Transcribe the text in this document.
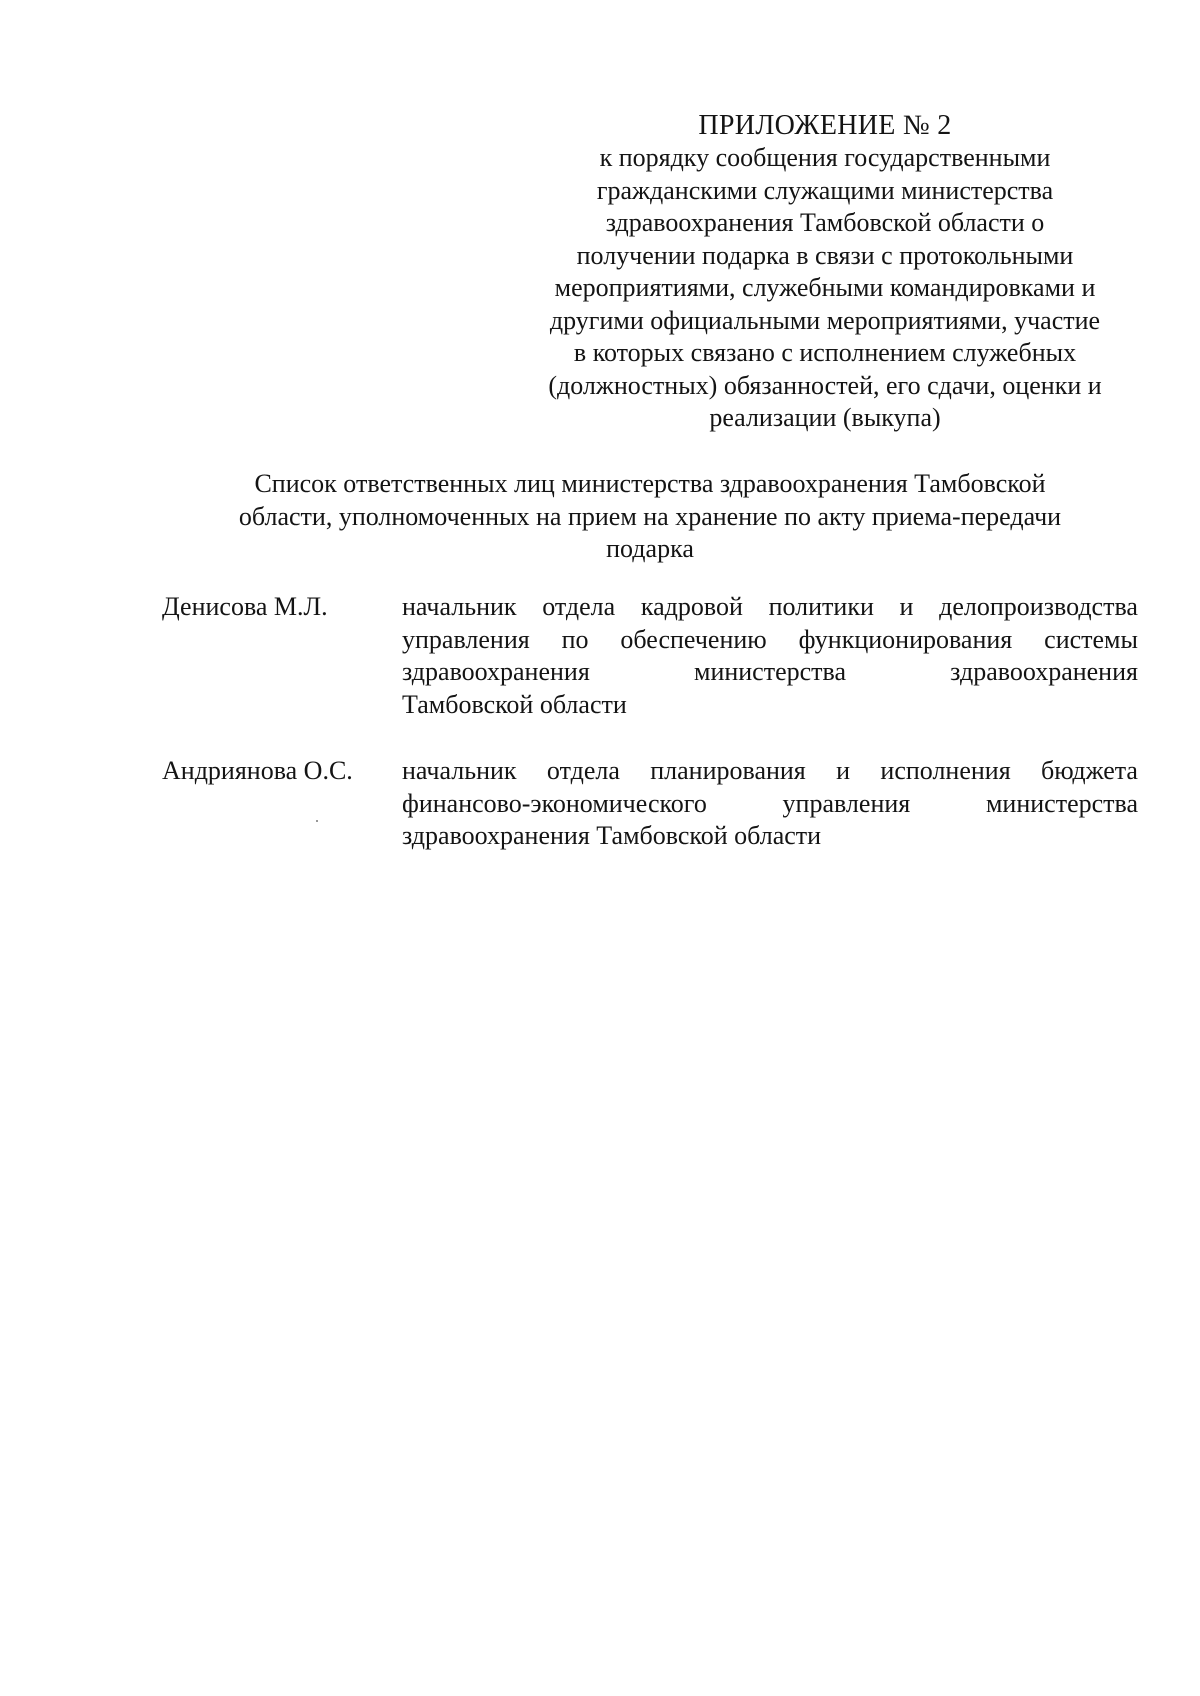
ПРИЛОЖЕНИЕ № 2
к порядку сообщения государственными
гражданскими служащими министерства
здравоохранения Тамбовской области о
получении подарка в связи с протокольными
мероприятиями, служебными командировками и
другими официальными мероприятиями, участие
в которых связано с исполнением служебных
(должностных) обязанностей, его сдачи, оценки и
реализации (выкупа)
Список ответственных лиц министерства здравоохранения Тамбовской
области, уполномоченных на прием на хранение по акту приема-передачи
подарка
Денисова М.Л.	начальник отдела кадровой политики и делопроизводства
управления по обеспечению функционирования системы
здравоохранения	министерства	здравоохранения
Тамбовской области
Андриянова О.С. начальник отдела планирования и исполнения бюджета
финансово-экономического	управления	министерства
здравоохранения Тамбовской области
